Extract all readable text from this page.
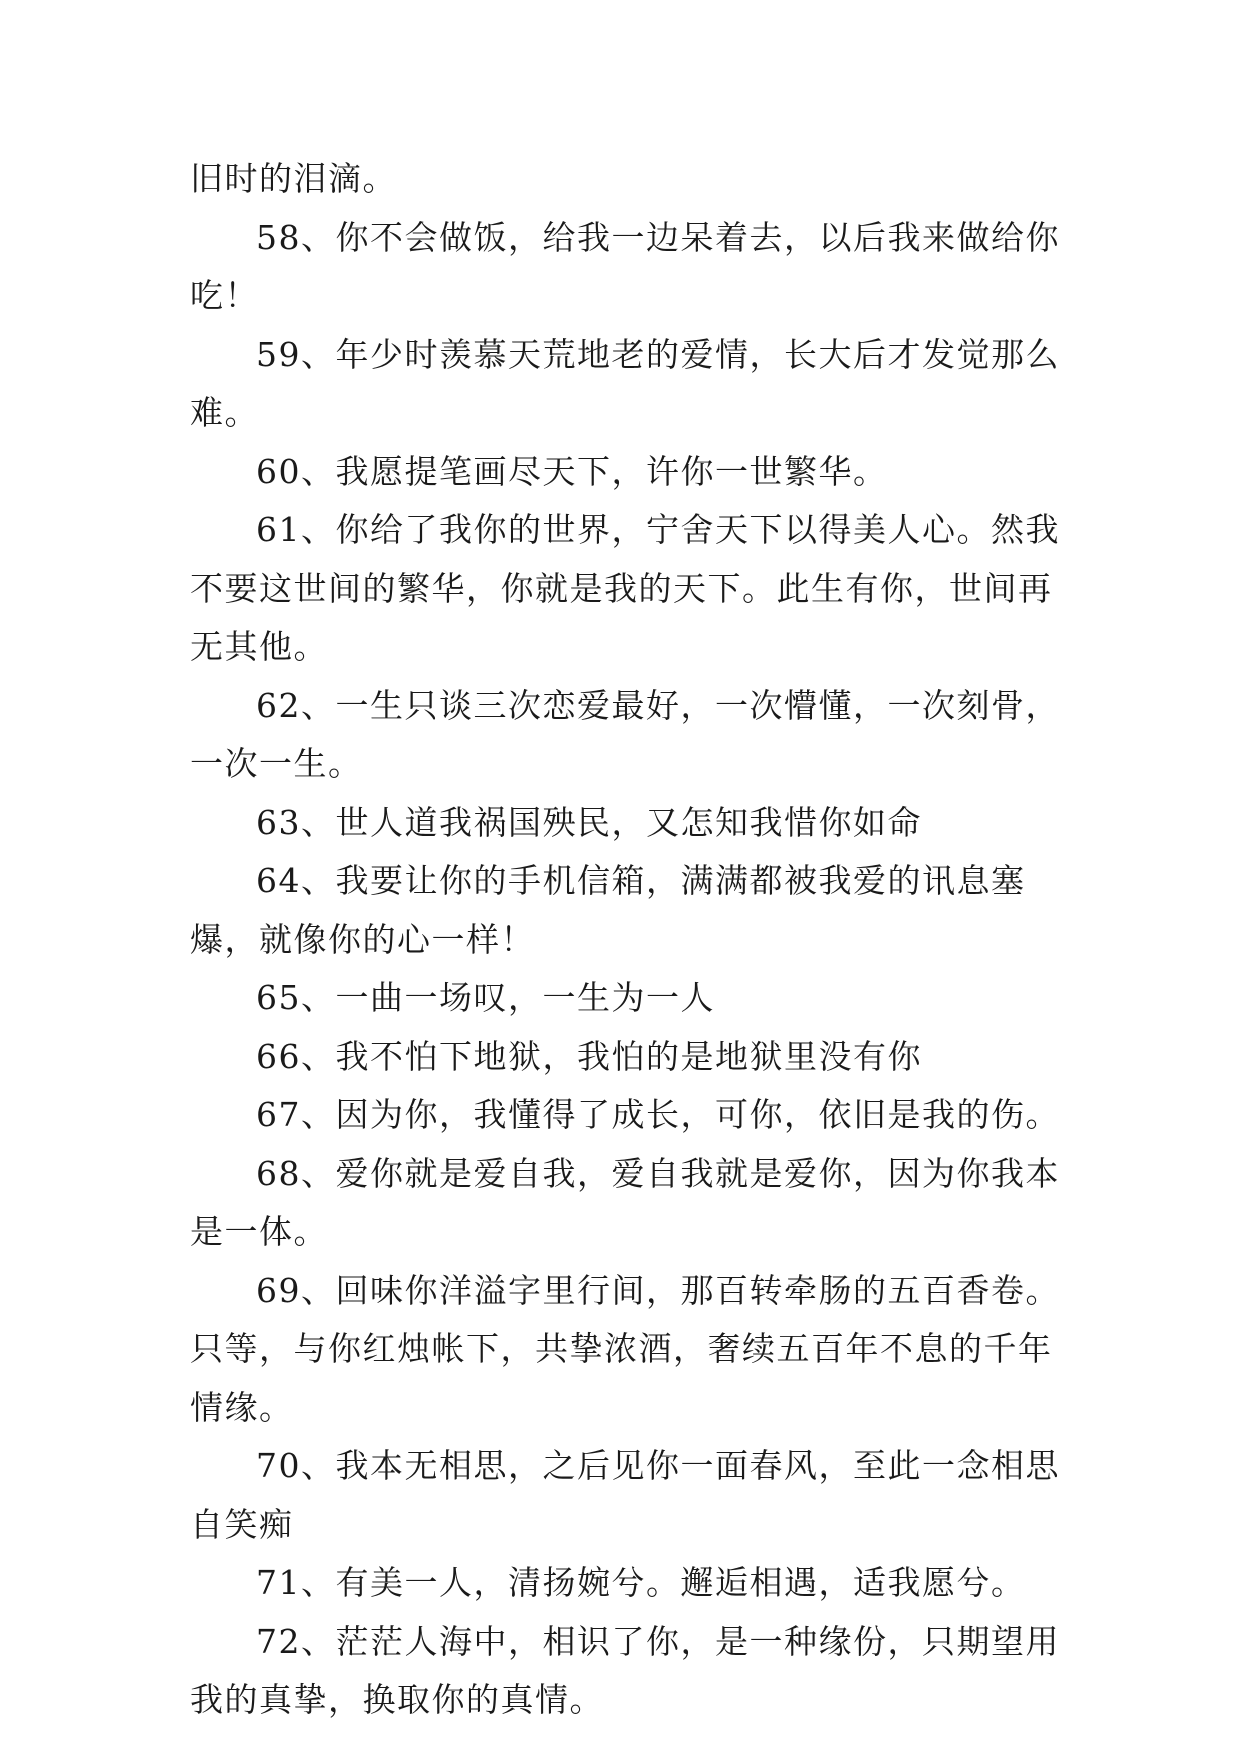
旧时的泪滴。

58、你不会做饭，给我一边呆着去，以后我来做给你吃！

59、年少时羡慕天荒地老的爱情，长大后才发觉那么难。

60、我愿提笔画尽天下，许你一世繁华。

61、你给了我你的世界，宁舍天下以得美人心。然我不要这世间的繁华，你就是我的天下。此生有你，世间再无其他。

62、一生只谈三次恋爱最好，一次懵懂，一次刻骨，一次一生。

63、世人道我祸国殃民，又怎知我惜你如命

64、我要让你的手机信箱，满满都被我爱的讯息塞爆，就像你的心一样！

65、一曲一场叹，一生为一人

66、我不怕下地狱，我怕的是地狱里没有你

67、因为你，我懂得了成长，可你，依旧是我的伤。

68、爱你就是爱自我，爱自我就是爱你，因为你我本是一体。

69、回味你洋溢字里行间，那百转牵肠的五百香卷。只等，与你红烛帐下，共挚浓酒，奢续五百年不息的千年情缘。

70、我本无相思，之后见你一面春风，至此一念相思自笑痴

71、有美一人，清扬婉兮。邂逅相遇，适我愿兮。

72、茫茫人海中，相识了你，是一种缘份，只期望用我的真挚，换取你的真情。
